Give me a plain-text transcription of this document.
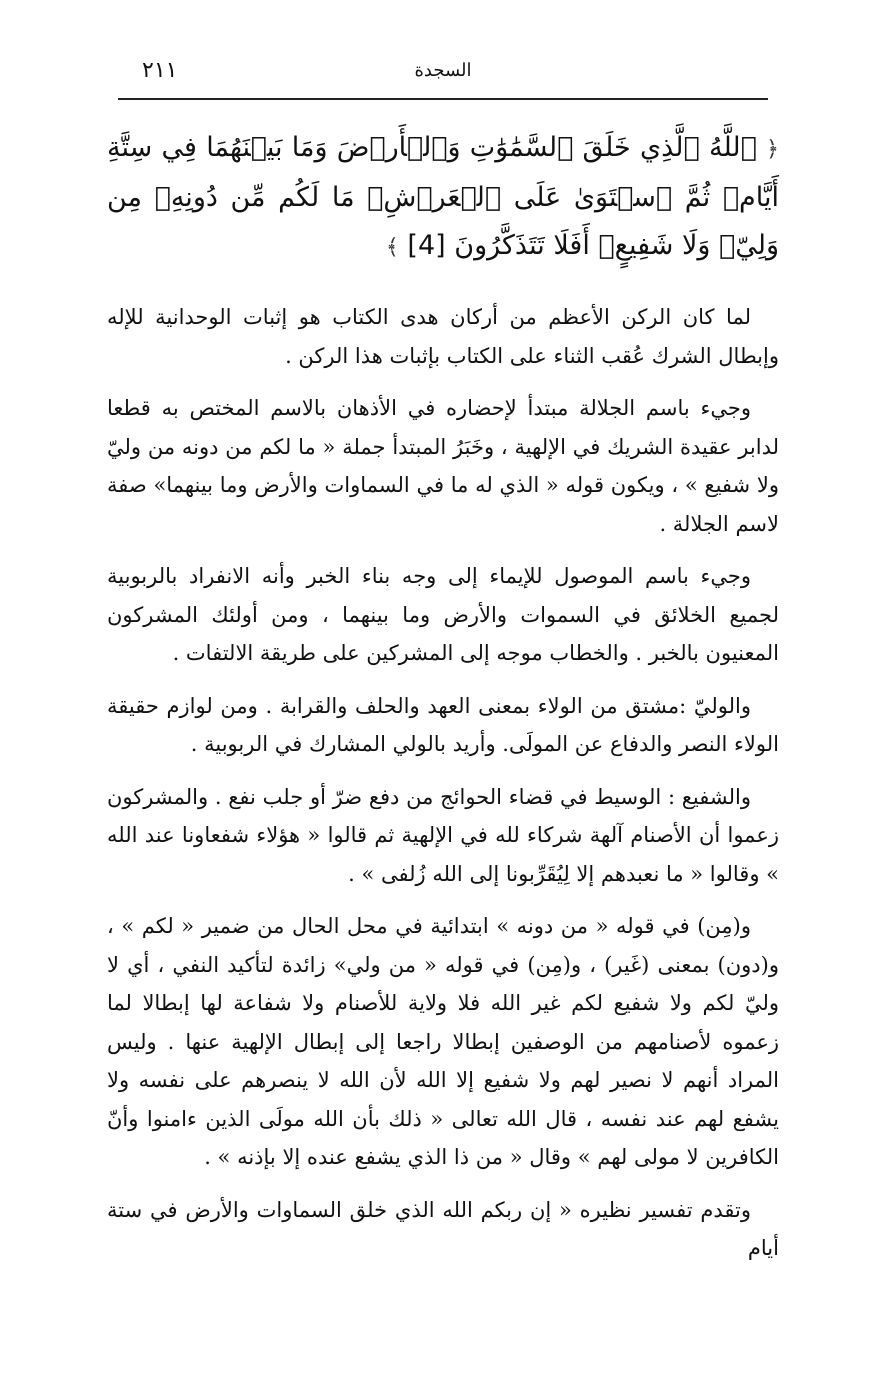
٢١١	السجدة

﴿ ٱللَّهُ ٱلَّذِي خَلَقَ ٱلسَّمَٰوَٰتِ وَٱلۡأَرۡضَ وَمَا بَيۡنَهُمَا فِي سِتَّةِ أَيَّامٖ ثُمَّ ٱسۡتَوَىٰ عَلَى ٱلۡعَرۡشِۖ مَا لَكُم مِّن دُونِهِۦ مِن وَلِيّٖ وَلَا شَفِيعٍۚ أَفَلَا تَتَذَكَّرُونَ [4] ﴾

لما كان الركن الأعظم من أركان هدى الكتاب هو إثبات الوحدانية للإله وإبطال الشرك عُقب الثناء على الكتاب بإثبات هذا الركن .

وجيء باسم الجلالة مبتدأ لإحضاره في الأذهان بالاسم المختص به قطعا لدابر عقيدة الشريك في الإلهية ، وخَبَرُ المبتدأ جملة « ما لكم من دونه من وليّ ولا شفيع » ، ويكون قوله « الذي له ما في السماوات والأرض وما بينهما» صفة لاسم الجلالة .

وجيء باسم الموصول للإيماء إلى وجه بناء الخبر وأنه الانفراد بالربوبية لجميع الخلائق في السموات والأرض وما بينهما ، ومن أولئك المشركون المعنيون بالخبر . والخطاب موجه إلى المشركين على طريقة الالتفات .

والوليّ :مشتق من الولاء بمعنى العهد والحلف والقرابة . ومن لوازم حقيقة الولاء النصر والدفاع عن المولَى. وأريد بالولي المشارك في الربوبية .

والشفيع : الوسيط في قضاء الحوائج من دفع ضرّ أو جلب نفع . والمشركون زعموا أن الأصنام آلهة شركاء لله في الإلهية ثم قالوا « هؤلاء شفعاونا عند الله » وقالوا « ما نعبدهم إلا لِيُقَرِّبونا إلى الله زُلفى » .

و(مِن) في قوله « من دونه » ابتدائية في محل الحال من ضمير « لكم » ، و(دون) بمعنى (غَير) ، و(مِن) في قوله « من ولي» زائدة لتأكيد النفي ، أي لا وليّ لكم ولا شفيع لكم غير الله فلا ولاية للأصنام ولا شفاعة لها إبطالا لما زعموه لأصنامهم من الوصفين إبطالا راجعا إلى إبطال الإلهية عنها . وليس المراد أنهم لا نصير لهم ولا شفيع إلا الله لأن الله لا ينصرهم على نفسه ولا يشفع لهم عند نفسه ، قال الله تعالى « ذلك بأن الله مولَى الذين ءامنوا وأنّ الكافرين لا مولى لهم » وقال « من ذا الذي يشفع عنده إلا بإذنه » .

وتقدم تفسير نظيره « إن ربكم الله الذي خلق السماوات والأرض في ستة أيام
